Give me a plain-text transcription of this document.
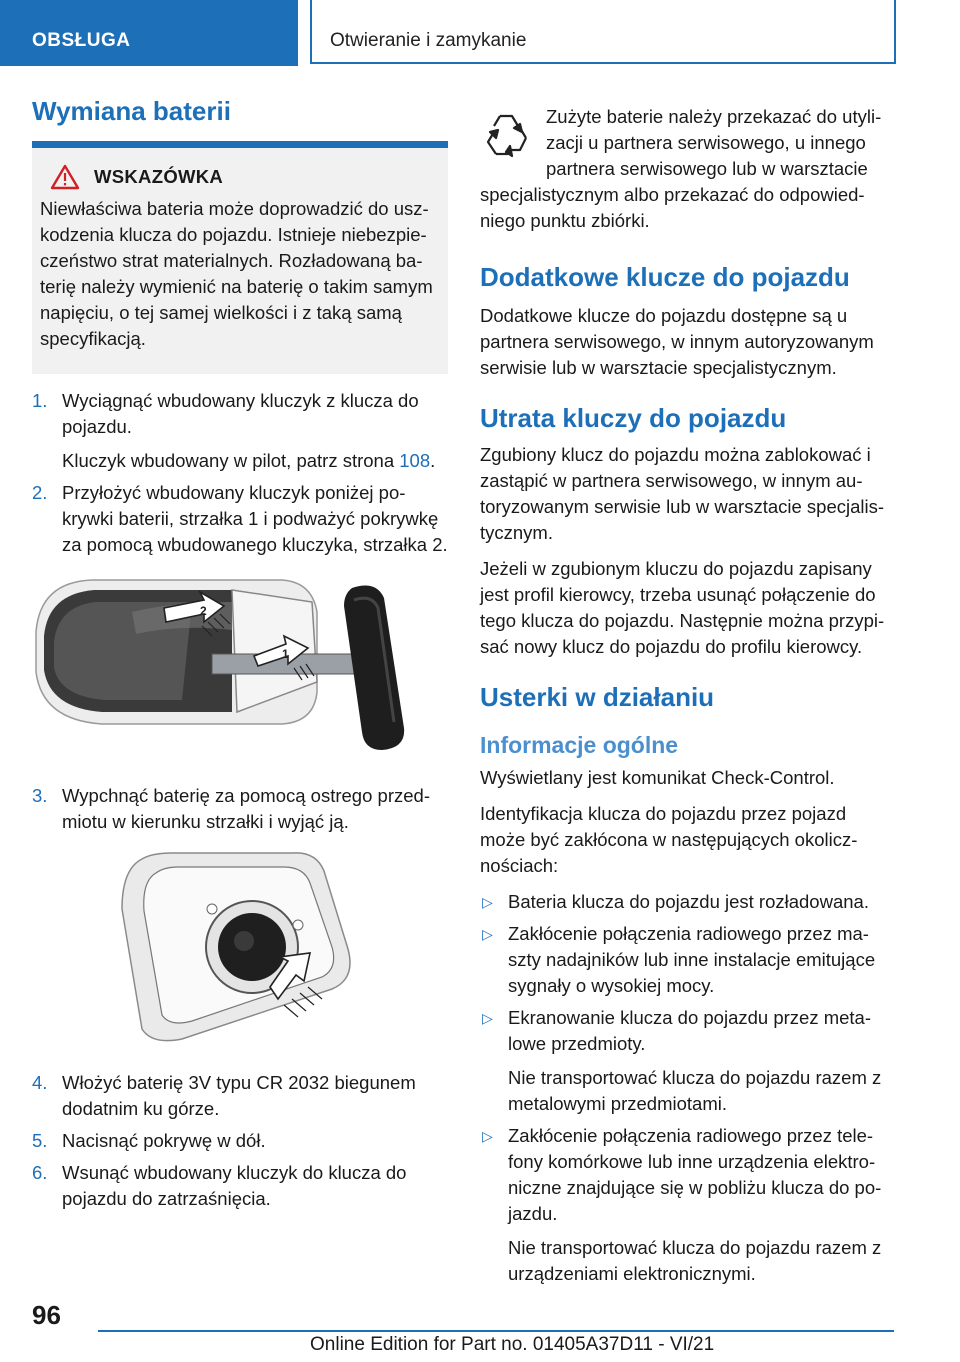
OBSŁUGA	Otwieranie i zamykanie
Wymiana baterii
WSKAZÓWKA

Niewłaściwa bateria może doprowadzić do uszkodzenia klucza do pojazdu. Istnieje niebezpieczeństwo strat materialnych. Rozładowaną baterię należy wymienić na baterię o takim samym napięciu, o tej samej wielkości i z taką samą specyfikacją.

1. Wyciągnąć wbudowany kluczyk z klucza do pojazdu.

Kluczyk wbudowany w pilot, patrz strona 108.

2. Przyłożyć wbudowany kluczyk poniżej pokrywki baterii, strzałka 1 i podważyć pokrywkę za pomocą wbudowanego kluczyka, strzałka 2.

2
1
3. Wypchnąć baterię za pomocą ostrego przedmiotu w kierunku strzałki i wyjąć ją.

4. Włożyć baterię 3V typu CR 2032 biegunem dodatnim ku górze.

5. Nacisnąć pokrywę w dół.

6. Wsunąć wbudowany kluczyk do klucza do pojazdu do zatrzaśnięcia.

Zużyte baterie należy przekazać do utylizacji u partnera serwisowego, u innego partnera serwisowego lub w warsztacie specjalistycznym albo przekazać do odpowiedniego punktu zbiórki.

Dodatkowe klucze do pojazdu

Dodatkowe klucze do pojazdu dostępne są u partnera serwisowego, w innym autoryzowanym serwisie lub w warsztacie specjalistycznym.

Utrata kluczy do pojazdu

Zgubiony klucz do pojazdu można zablokować i zastąpić w partnera serwisowego, w innym autoryzowanym serwisie lub w warsztacie specjalistycznym.

Jeżeli w zgubionym kluczu do pojazdu zapisany jest profil kierowcy, trzeba usunąć połączenie do tego klucza do pojazdu. Następnie można przypisać nowy klucz do pojazdu do profilu kierowcy.

Usterki w działaniu
Informacje ogólne

Wyświetlany jest komunikat Check-Control.

Identyfikacja klucza do pojazdu przez pojazd może być zakłócona w następujących okolicznościach:

▷ Bateria klucza do pojazdu jest rozładowana.

▷ Zakłócenie połączenia radiowego przez maszty nadajników lub inne instalacje emitujące sygnały o wysokiej mocy.

▷ Ekranowanie klucza do pojazdu przez metalowe przedmioty.

Nie transportować klucza do pojazdu razem z metalowymi przedmiotami.

▷ Zakłócenie połączenia radiowego przez telefony komórkowe lub inne urządzenia elektroniczne znajdujące się w pobliżu klucza do pojazdu.

Nie transportować klucza do pojazdu razem z urządzeniami elektronicznymi.

96
Online Edition for Part no. 01405A37D11 - VI/21
